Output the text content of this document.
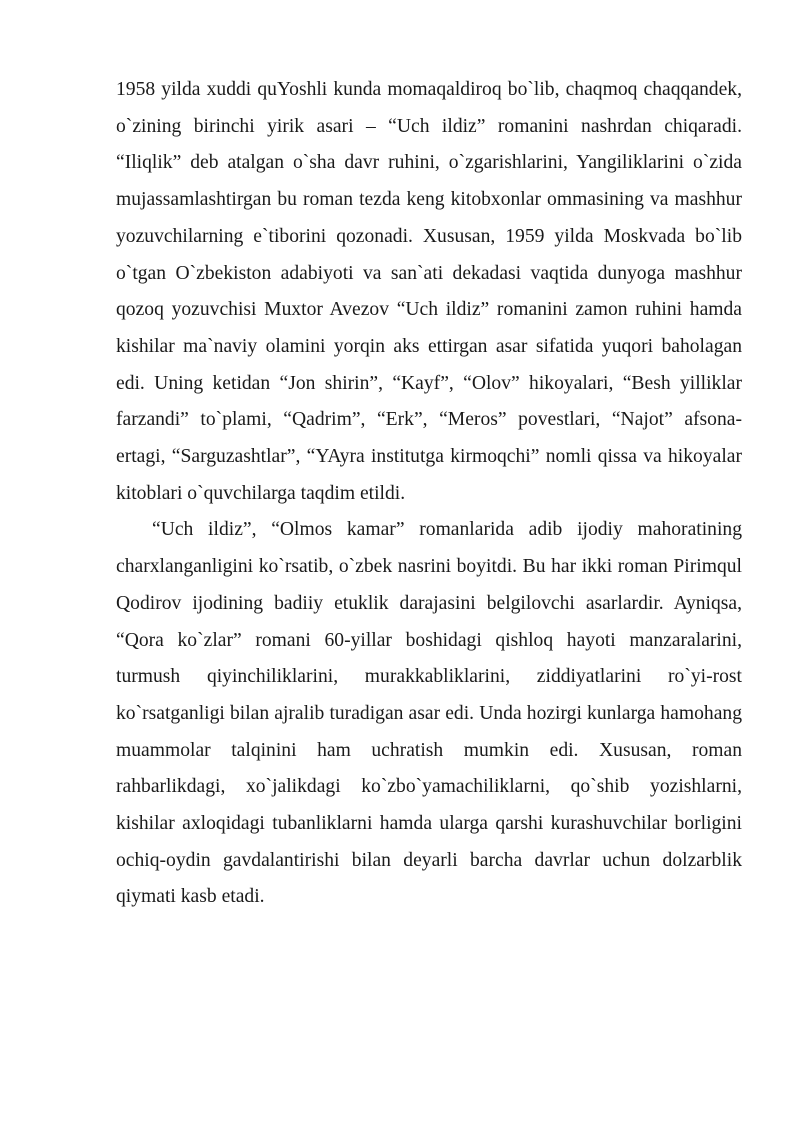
1958 yilda xuddi quYoshli kunda momaqaldiroq bo`lib, chaqmoq chaqqandek, o`zining birinchi yirik asari – “Uch ildiz” romanini nashrdan chiqaradi. “Iliqlik” deb atalgan o`sha davr ruhini, o`zgarishlarini, Yangiliklarini o`zida mujassamlashtirgan bu roman tezda keng kitobxonlar ommasining va mashhur yozuvchilarning e`tiborini qozonadi. Xususan, 1959 yilda Moskvada bo`lib o`tgan O`zbekiston adabiyoti va san`ati dekadasi vaqtida dunyoga mashhur qozoq yozuvchisi Muxtor Avezov “Uch ildiz” romanini zamon ruhini hamda kishilar ma`naviy olamini yorqin aks ettirgan asar sifatida yuqori baholagan edi. Uning ketidan “Jon shirin”, “Kayf”, “Olov” hikoyalari, “Besh yilliklar farzandi” to`plami, “Qadrim”, “Erk”, “Meros” povestlari, “Najot” afsona-ertagi, “Sarguzashtlar”, “YAyra institutga kirmoqchi” nomli qissa va hikoyalar kitoblari o`quvchilarga taqdim etildi.

“Uch ildiz”, “Olmos kamar” romanlarida adib ijodiy mahoratining charxlanganligini ko`rsatib, o`zbek nasrini boyitdi. Bu har ikki roman Pirimqul Qodirov ijodining badiiy etuklik darajasini belgilovchi asarlardir. Ayniqsa, “Qora ko`zlar” romani 60-yillar boshidagi qishloq hayoti manzaralarini, turmush qiyinchiliklarini, murakkabliklarini, ziddiyatlarini ro`yi-rost ko`rsatganligi bilan ajralib turadigan asar edi. Unda hozirgi kunlarga hamohang muammolar talqinini ham uchratish mumkin edi. Xususan, roman rahbarlikdagi, xo`jalikdagi ko`zbo`yamachiliklarni, qo`shib yozishlarni, kishilar axloqidagi tubanliklarni hamda ularga qarshi kurashuvchilar borligini ochiq-oydin gavdalantirishi bilan deyarli barcha davrlar uchun dolzarblik qiymati kasb etadi.
